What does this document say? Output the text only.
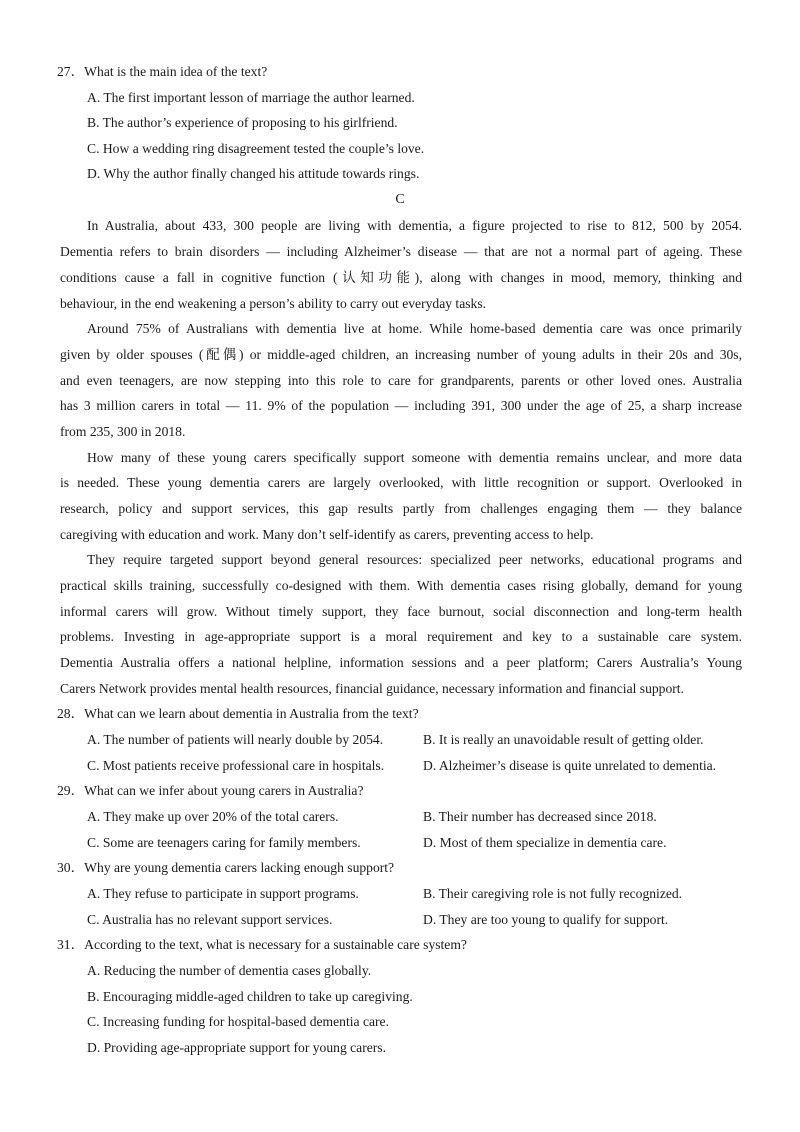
27．What is the main idea of the text?
A. The first important lesson of marriage the author learned.
B. The author’s experience of proposing to his girlfriend.
C. How a wedding ring disagreement tested the couple’s love.
D. Why the author finally changed his attitude towards rings.
C
In Australia, about 433, 300 people are living with dementia, a figure projected to rise to 812, 500 by 2054.
Dementia refers to brain disorders — including Alzheimer’s disease — that are not a normal part of ageing. These
conditions cause a fall in cognitive function (认知功能), along with changes in mood, memory, thinking and
behaviour, in the end weakening a person’s ability to carry out everyday tasks.
Around 75% of Australians with dementia live at home. While home-based dementia care was once primarily
given by older spouses (配偶) or middle-aged children, an increasing number of young adults in their 20s and 30s,
and even teenagers, are now stepping into this role to care for grandparents, parents or other loved ones. Australia
has 3 million carers in total — 11. 9% of the population — including 391, 300 under the age of 25, a sharp increase
from 235, 300 in 2018.
How many of these young carers specifically support someone with dementia remains unclear, and more data
is needed. These young dementia carers are largely overlooked, with little recognition or support. Overlooked in
research, policy and support services, this gap results partly from challenges engaging them — they balance
caregiving with education and work. Many don’t self-identify as carers, preventing access to help.
They require targeted support beyond general resources: specialized peer networks, educational programs and
practical skills training, successfully co-designed with them. With dementia cases rising globally, demand for young
informal carers will grow. Without timely support, they face burnout, social disconnection and long-term health
problems. Investing in age-appropriate support is a moral requirement and key to a sustainable care system.
Dementia Australia offers a national helpline, information sessions and a peer platform; Carers Australia’s Young
Carers Network provides mental health resources, financial guidance, necessary information and financial support.
28．What can we learn about dementia in Australia from the text?
A. The number of patients will nearly double by 2054.	B. It is really an unavoidable result of getting older.
C. Most patients receive professional care in hospitals.	D. Alzheimer’s disease is quite unrelated to dementia.
29．What can we infer about young carers in Australia?
A. They make up over 20% of the total carers.	B. Their number has decreased since 2018.
C. Some are teenagers caring for family members.	D. Most of them specialize in dementia care.
30．Why are young dementia carers lacking enough support?
A. They refuse to participate in support programs.	B. Their caregiving role is not fully recognized.
C. Australia has no relevant support services.	D. They are too young to qualify for support.
31．According to the text, what is necessary for a sustainable care system?
A. Reducing the number of dementia cases globally.
B. Encouraging middle-aged children to take up caregiving.
C. Increasing funding for hospital-based dementia care.
D. Providing age-appropriate support for young carers.
